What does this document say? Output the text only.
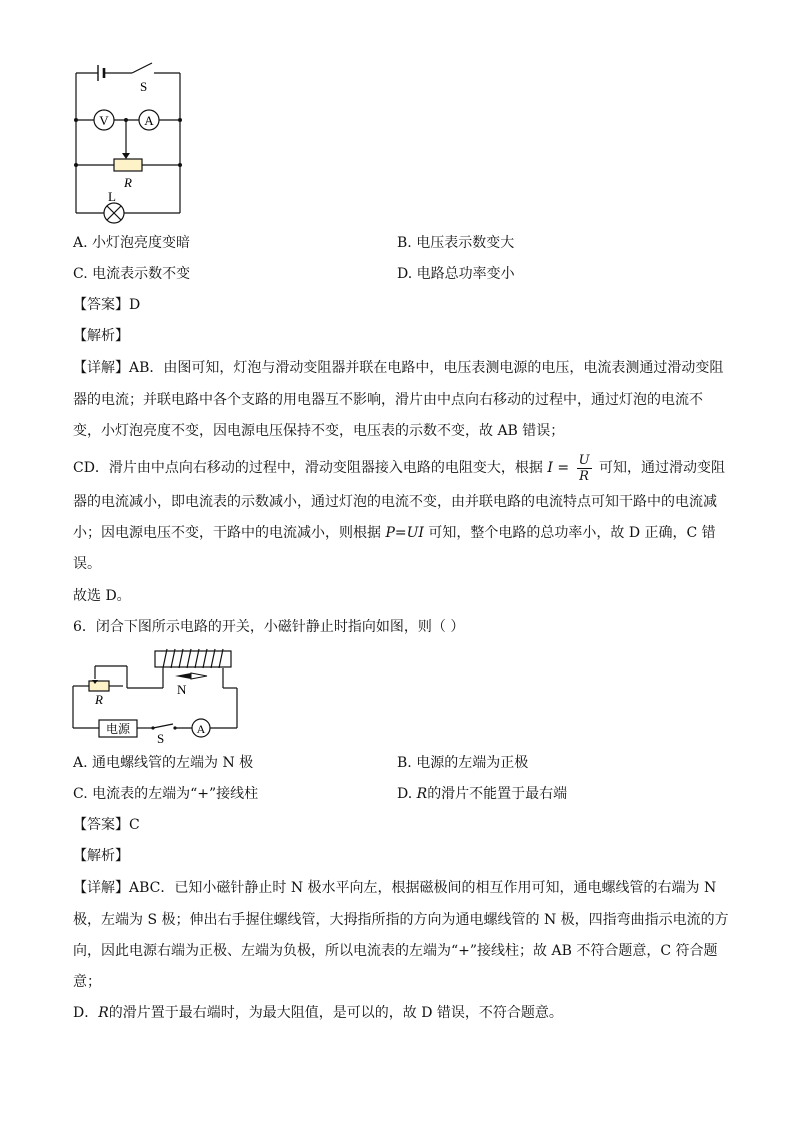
S
V	A
R
L
A. 小灯泡亮度变暗	B. 电压表示数变大
C. 电流表示数不变	D. 电路总功率变小
【答案】D
【解析】
【详解】AB．由图可知，灯泡与滑动变阻器并联在电路中，电压表测电源的电压，电流表测通过滑动变阻
器的电流；并联电路中各个支路的用电器互不影响，滑片由中点向右移动的过程中，通过灯泡的电流不
变，小灯泡亮度不变，因电源电压保持不变，电压表的示数不变，故 AB 错误；
CD．滑片由中点向右移动的过程中，滑动变阻器接入电路的电阻变大，根据 $I = \frac{U}{R}$ 可知，通过滑动变阻
器的电流减小，即电流表的示数减小，通过灯泡的电流不变，由并联电路的电流特点可知干路中的电流减
小；因电源电压不变，干路中的电流减小，则根据 P=UI 可知，整个电路的总功率小，故 D 正确，C 错
误。
故选 D。
6．闭合下图所示电路的开关，小磁针静止时指向如图，则（ ）
N
R
电源
S
A
A. 通电螺线管的左端为 N 极	B. 电源的左端为正极
C. 电流表的左端为“+”接线柱	D. R的滑片不能置于最右端
【答案】C
【解析】
【详解】ABC．已知小磁针静止时 N 极水平向左，根据磁极间的相互作用可知，通电螺线管的右端为 N
极，左端为 S 极；伸出右手握住螺线管，大拇指所指的方向为通电螺线管的 N 极，四指弯曲指示电流的方
向，因此电源右端为正极、左端为负极，所以电流表的左端为“+”接线柱；故 AB 不符合题意，C 符合题
意；
D．R的滑片置于最右端时，为最大阻值，是可以的，故 D 错误，不符合题意。
